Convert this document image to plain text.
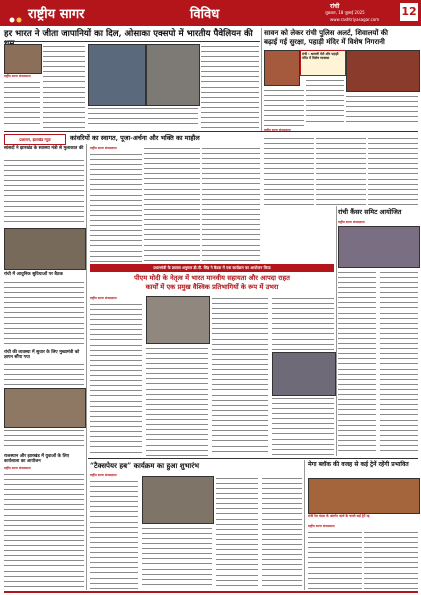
राष्ट्रीय सागर	विविध
रांची
शुक्रवार, 18 जुलाई 2025
www.rashtriyasagar.com
12
हर भारत ने जीता जापानियों का दिल, ओसाका एक्सपो में भारतीय पैवेलियन की
राष्ट्रीय सागर संवाददाता
सावन को लेकर रांची पुलिस अलर्ट, शिवालयों की
बढ़ाई गई सुरक्षा, पहाड़ी मंदिर में विशेष निगरानी
रांची : श्रावणी मेले और पहाड़ी मंदिर में विशेष व्यवस्था
राष्ट्रीय सागर संवाददाता
प्रशासन, झारखंड न्यूज़	कांवरियों का स्वागत, पूजा-अर्चना और भक्ति का माहौल
सांसदों ने झारखंड के स्वास्थ्य मंत्री से मुलाकात की
रांची में आधुनिक सुविधाओं पर बैठक
रांची की व्यवस्था में सुधार के लिए मुख्यमंत्री को ज्ञापन सौंपा गया
राजस्थान और झारखंड में युवाओं के लिए कार्यशाला का आयोजन
राष्ट्रीय सागर संवाददाता
राष्ट्रीय सागर संवाददाता
प्रधानमंत्री के प्रस्ताव अनुसार डी.पी. सिंह ने बैठक में एक कार्यक्रम का आयोजन किया
पीएम मोदी के नेतृत्व में भारत मानवीय सहायता और आपदा राहत
कार्यों में एक प्रमुख वैश्विक प्रतिभागियों के रूप में उभरा
राष्ट्रीय सागर संवाददाता
रांची कैंसर समिट आयोजित
राष्ट्रीय सागर संवाददाता
“टैक्सपेयर हब” कार्यक्रम का हुआ शुभारंभ
राष्ट्रीय सागर संवाददाता
मेगा ब्लॉक की वजह से कई ट्रेनें रहेंगी प्रभावित
रांची रेल मंडल के अंतर्गत कार्य के चलते कई ट्रेनें रद्द
राष्ट्रीय सागर संवाददाता
